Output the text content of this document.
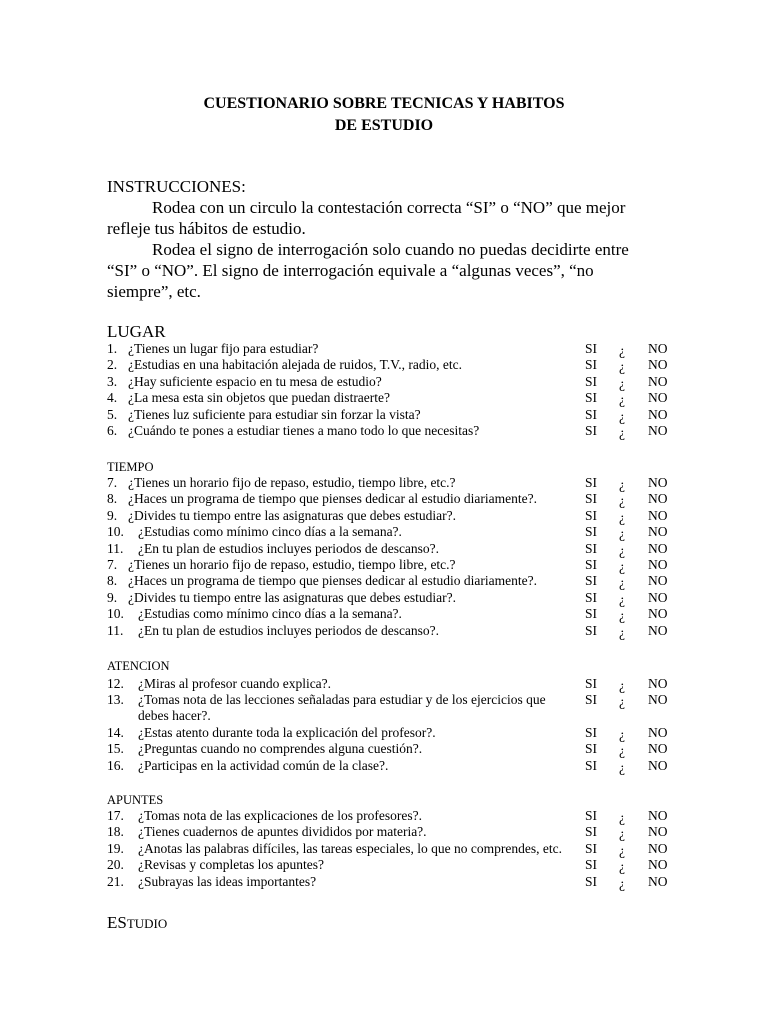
CUESTIONARIO SOBRE TECNICAS Y HABITOS
DE ESTUDIO

INSTRUCCIONES:

Rodea con un circulo la contestación correcta “SI” o “NO” que mejor refleje tus hábitos de estudio.

Rodea el signo de interrogación solo cuando no puedas decidirte entre “SI” o “NO”. El signo de interrogación equivale a “algunas veces”, “no siempre”, etc.

LUGAR
1. ¿Tienes un lugar fijo para estudiar?	SI ¿ NO
2. ¿Estudias en una habitación alejada de ruidos, T.V., radio, etc.	SI ¿ NO
3. ¿Hay suficiente espacio en tu mesa de estudio?	SI ¿ NO
4. ¿La mesa esta sin objetos que puedan distraerte?	SI ¿ NO
5. ¿Tienes luz suficiente para estudiar sin forzar la vista?	SI ¿ NO
6. ¿Cuándo te pones a estudiar tienes a mano todo lo que necesitas?	SI ¿ NO
TIEMPO
7. ¿Tienes un horario fijo de repaso, estudio, tiempo libre, etc.?	SI ¿ NO
8. ¿Haces un programa de tiempo que pienses dedicar al estudio diariamente?.	SI ¿ NO
9. ¿Divides tu tiempo entre las asignaturas que debes estudiar?.	SI ¿ NO
10. ¿Estudias como mínimo cinco días a la semana?.	SI ¿ NO
11. ¿En tu plan de estudios incluyes periodos de descanso?.	SI ¿ NO
7. ¿Tienes un horario fijo de repaso, estudio, tiempo libre, etc.?	SI ¿ NO
8. ¿Haces un programa de tiempo que pienses dedicar al estudio diariamente?.	SI ¿ NO
9. ¿Divides tu tiempo entre las asignaturas que debes estudiar?.	SI ¿ NO
10. ¿Estudias como mínimo cinco días a la semana?.	SI ¿ NO
11. ¿En tu plan de estudios incluyes periodos de descanso?.	SI ¿ NO
ATENCION
12. ¿Miras al profesor cuando explica?.	SI ¿ NO
13. ¿Tomas nota de las lecciones señaladas para estudiar y de los ejercicios que	SI ¿ NO
debes hacer?.
14. ¿Estas atento durante toda la explicación del profesor?.	SI ¿ NO
15. ¿Preguntas cuando no comprendes alguna cuestión?.	SI ¿ NO
16. ¿Participas en la actividad común de la clase?.	SI ¿ NO
APUNTES
17. ¿Tomas nota de las explicaciones de los profesores?.	SI ¿ NO
18. ¿Tienes cuadernos de apuntes divididos por materia?.	SI ¿ NO
19. ¿Anotas las palabras difíciles, las tareas especiales, lo que no comprendes, etc. SI ¿ NO
20. ¿Revisas y completas los apuntes?	SI ¿ NO
21. ¿Subrayas las ideas importantes?	SI ¿ NO
ESTUDIO
